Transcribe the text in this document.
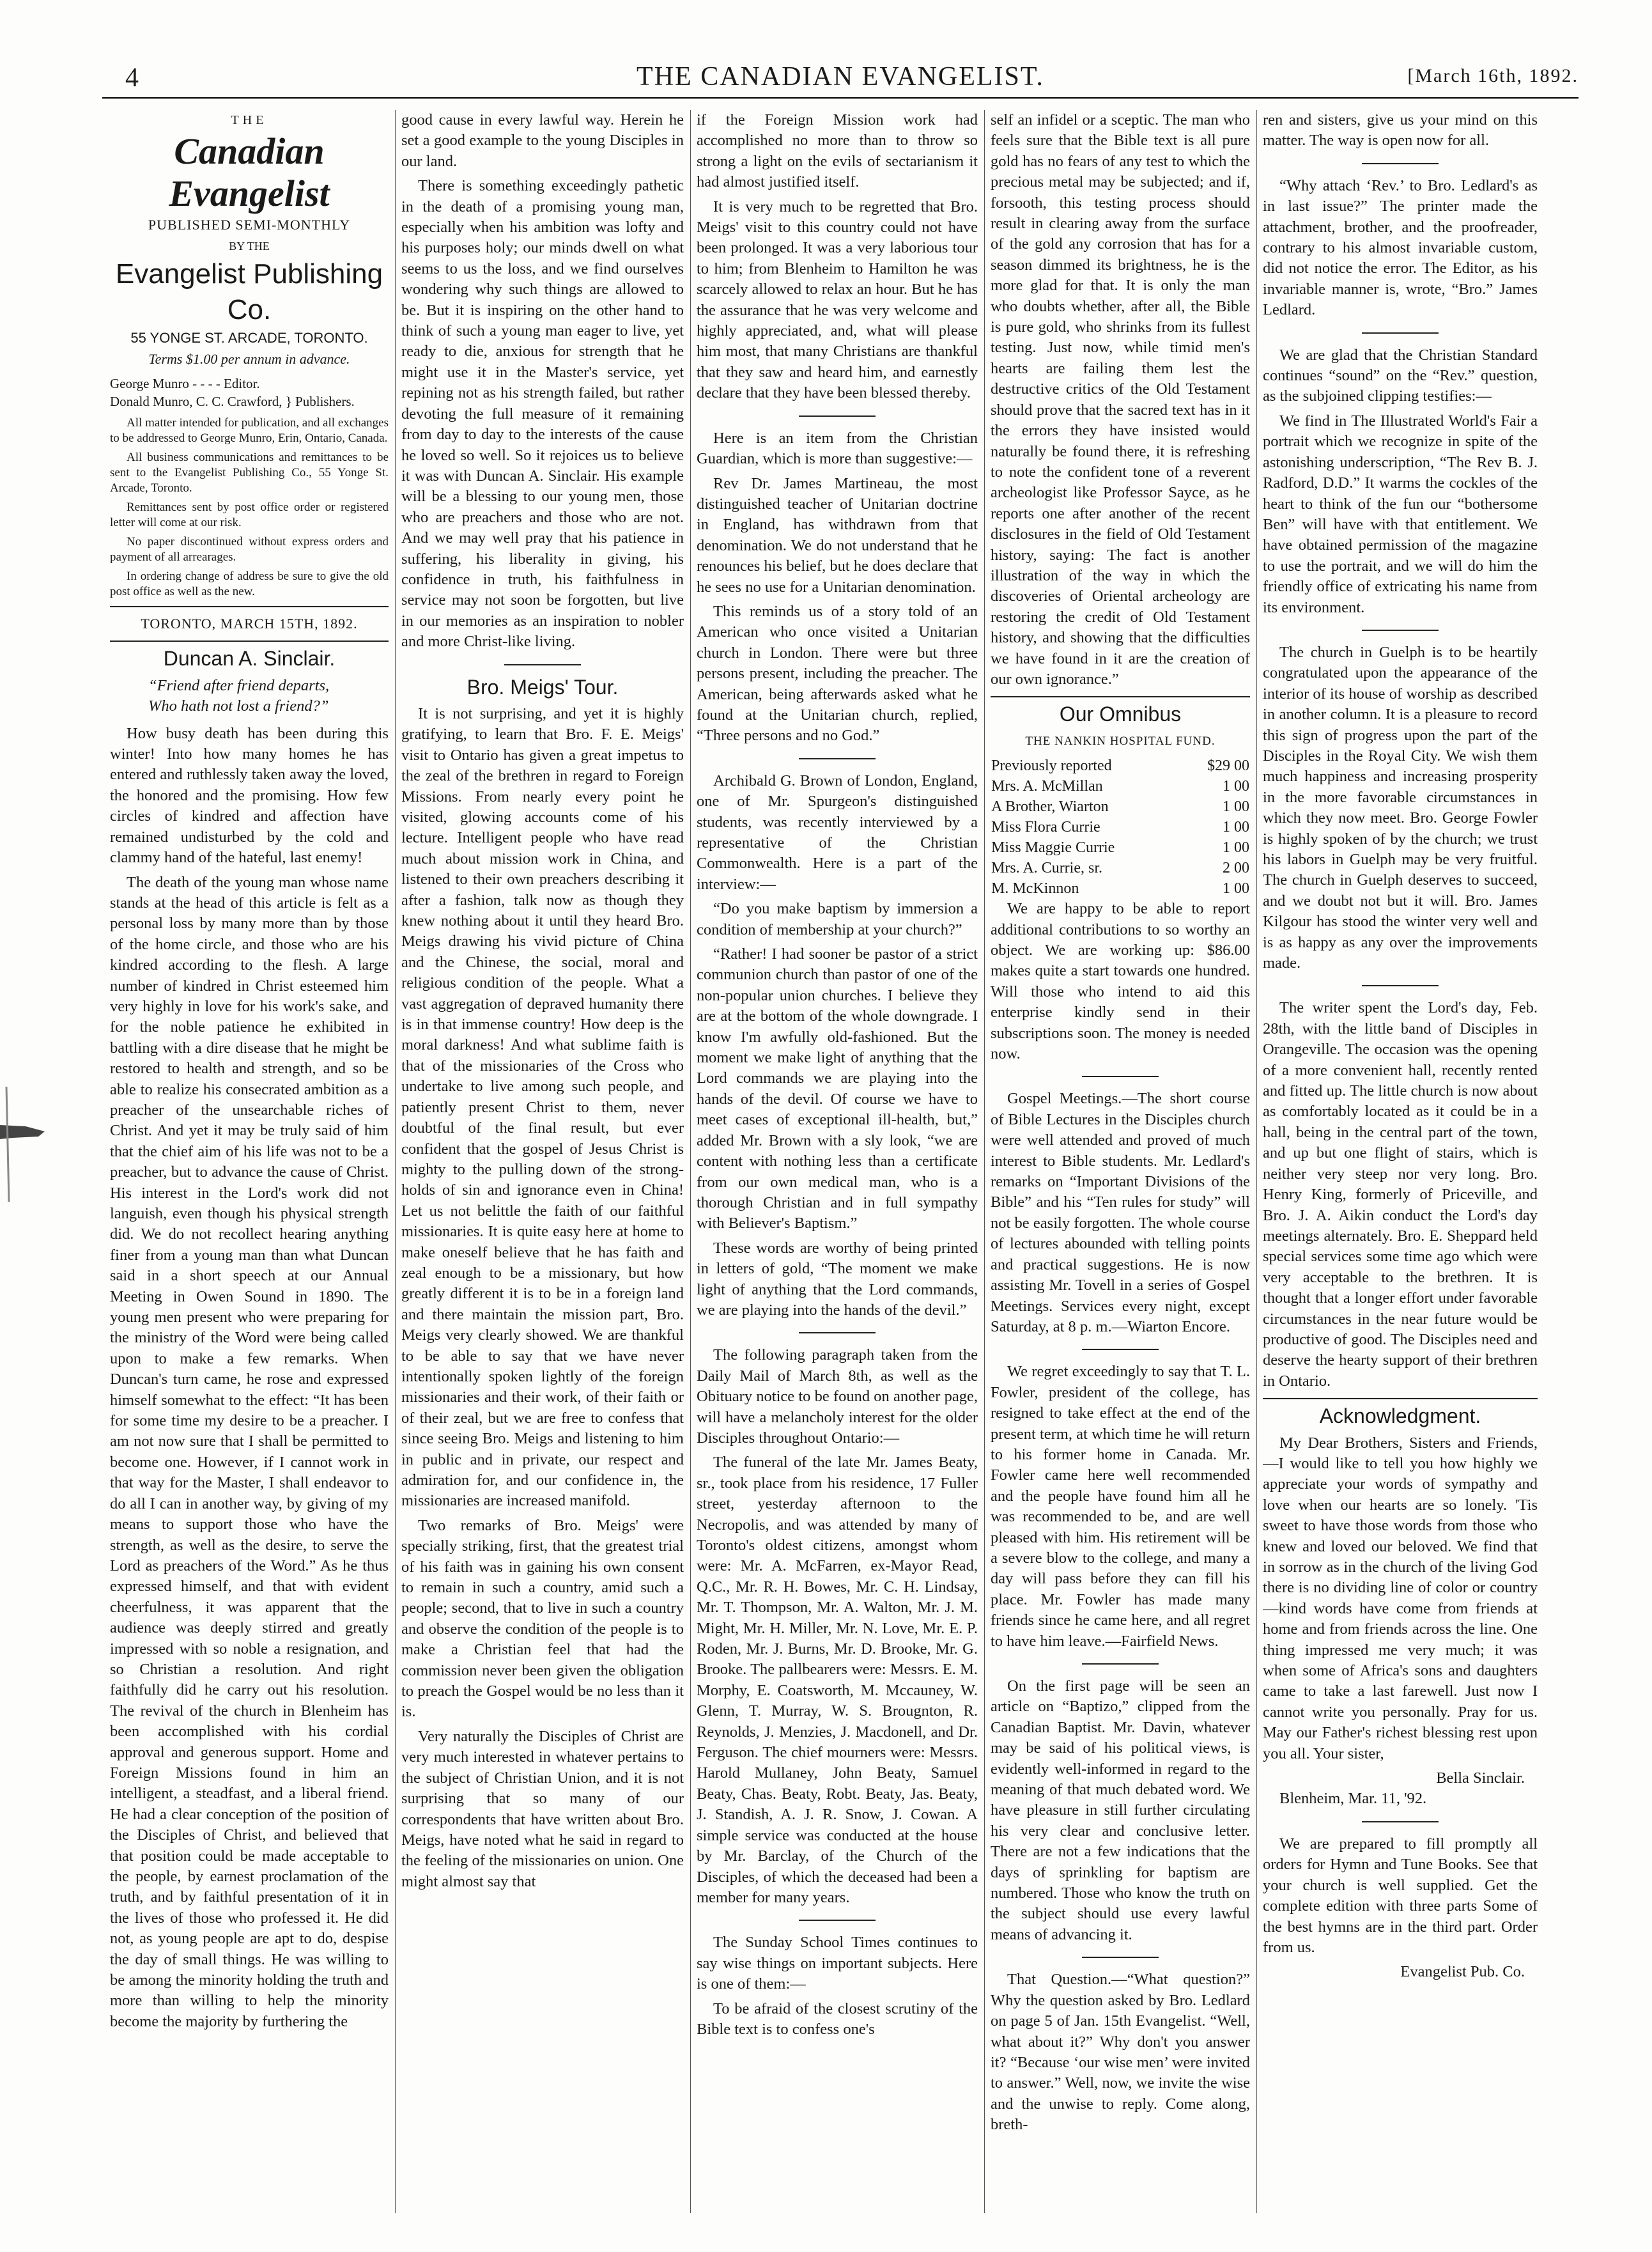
4	THE CANADIAN EVANGELIST.	[March 16th, 1892.
THE
Canadian Evangelist
PUBLISHED SEMI-MONTHLY
BY THE
Evangelist Publishing Co.
55 YONGE ST. ARCADE, TORONTO.
Terms $1.00 per annum in advance.
George Munro - - - - Editor.
Donald Munro, C. C. Crawford, } Publishers.

All matter intended for publication, and all exchanges to be addressed to George Munro, Erin, Ontario, Canada.

All business communications and remittances to be sent to the Evangelist Publishing Co., 55 Yonge St. Arcade, Toronto.

Remittances sent by post office order or registered letter will come at our risk.

No paper discontinued without express orders and payment of all arrearages.

In ordering change of address be sure to give the old post office as well as the new.

TORONTO, MARCH 15TH, 1892.
Duncan A. Sinclair.
“Friend after friend departs,
Who hath not lost a friend?”

How busy death has been during this winter! Into how many homes he has entered and ruthlessly taken away the loved, the honored and the promising. How few circles of kindred and affection have remained undisturbed by the cold and clammy hand of the hateful, last enemy!

The death of the young man whose name stands at the head of this article is felt as a personal loss by many more than by those of the home circle, and those who are his kindred according to the flesh. A large number of kindred in Christ esteemed him very highly in love for his work's sake, and for the noble patience he exhibited in battling with a dire disease that he might be restored to health and strength, and so be able to realize his consecrated ambition as a preacher of the unsearchable riches of Christ. And yet it may be truly said of him that the chief aim of his life was not to be a preacher, but to advance the cause of Christ. His interest in the Lord's work did not languish, even though his physical strength did. We do not recollect hearing anything finer from a young man than what Duncan said in a short speech at our Annual Meeting in Owen Sound in 1890. The young men present who were preparing for the ministry of the Word were being called upon to make a few remarks. When Duncan's turn came, he rose and expressed himself somewhat to the effect: “It has been for some time my desire to be a preacher. I am not now sure that I shall be permitted to become one. However, if I cannot work in that way for the Master, I shall endeavor to do all I can in another way, by giving of my means to support those who have the strength, as well as the desire, to serve the Lord as preachers of the Word.” As he thus expressed himself, and that with evident cheerfulness, it was apparent that the audience was deeply stirred and greatly impressed with so noble a resignation, and so Christian a resolution. And right faithfully did he carry out his resolution. The revival of the church in Blenheim has been accomplished with his cordial approval and generous support. Home and Foreign Missions found in him an intelligent, a steadfast, and a liberal friend. He had a clear conception of the position of the Disciples of Christ, and believed that that position could be made acceptable to the people, by earnest proclamation of the truth, and by faithful presentation of it in the lives of those who professed it. He did not, as young people are apt to do, despise the day of small things. He was willing to be among the minority holding the truth and more than willing to help the minority become the majority by furthering the

good cause in every lawful way. Herein he set a good example to the young Disciples in our land.

There is something exceedingly pathetic in the death of a promising young man, especially when his ambition was lofty and his purposes holy; our minds dwell on what seems to us the loss, and we find ourselves wondering why such things are allowed to be. But it is inspiring on the other hand to think of such a young man eager to live, yet ready to die, anxious for strength that he might use it in the Master's service, yet repining not as his strength failed, but rather devoting the full measure of it remaining from day to day to the interests of the cause he loved so well. So it rejoices us to believe it was with Duncan A. Sinclair. His example will be a blessing to our young men, those who are preachers and those who are not. And we may well pray that his patience in suffering, his liberality in giving, his confidence in truth, his faithfulness in service may not soon be forgotten, but live in our memories as an inspiration to nobler and more Christ-like living.

Bro. Meigs' Tour.

It is not surprising, and yet it is highly gratifying, to learn that Bro. F. E. Meigs' visit to Ontario has given a great impetus to the zeal of the brethren in regard to Foreign Missions. From nearly every point he visited, glowing accounts come of his lecture. Intelligent people who have read much about mission work in China, and listened to their own preachers describing it after a fashion, talk now as though they knew nothing about it until they heard Bro. Meigs drawing his vivid picture of China and the Chinese, the social, moral and religious condition of the people. What a vast aggregation of depraved humanity there is in that immense country! How deep is the moral darkness! And what sublime faith is that of the missionaries of the Cross who undertake to live among such people, and patiently present Christ to them, never doubtful of the final result, but ever confident that the gospel of Jesus Christ is mighty to the pulling down of the strong-holds of sin and ignorance even in China! Let us not belittle the faith of our faithful missionaries. It is quite easy here at home to make oneself believe that he has faith and zeal enough to be a missionary, but how greatly different it is to be in a foreign land and there maintain the mission part, Bro. Meigs very clearly showed. We are thankful to be able to say that we have never intentionally spoken lightly of the foreign missionaries and their work, of their faith or of their zeal, but we are free to confess that since seeing Bro. Meigs and listening to him in public and in private, our respect and admiration for, and our confidence in, the missionaries are increased manifold.

Two remarks of Bro. Meigs' were specially striking, first, that the greatest trial of his faith was in gaining his own consent to remain in such a country, amid such a people; second, that to live in such a country and observe the condition of the people is to make a Christian feel that had the commission never been given the obligation to preach the Gospel would be no less than it is.

Very naturally the Disciples of Christ are very much interested in whatever pertains to the subject of Christian Union, and it is not surprising that so many of our correspondents that have written about Bro. Meigs, have noted what he said in regard to the feeling of the missionaries on union. One might almost say that

if the Foreign Mission work had accomplished no more than to throw so strong a light on the evils of sectarianism it had almost justified itself.

It is very much to be regretted that Bro. Meigs' visit to this country could not have been prolonged. It was a very laborious tour to him; from Blenheim to Hamilton he was scarcely allowed to relax an hour. But he has the assurance that he was very welcome and highly appreciated, and, what will please him most, that many Christians are thankful that they saw and heard him, and earnestly declare that they have been blessed thereby.

Here is an item from the Christian Guardian, which is more than suggestive:—

Rev Dr. James Martineau, the most distinguished teacher of Unitarian doctrine in England, has withdrawn from that denomination. We do not understand that he renounces his belief, but he does declare that he sees no use for a Unitarian denomination.

This reminds us of a story told of an American who once visited a Unitarian church in London. There were but three persons present, including the preacher. The American, being afterwards asked what he found at the Unitarian church, replied, “Three persons and no God.”

Archibald G. Brown of London, England, one of Mr. Spurgeon's distinguished students, was recently interviewed by a representative of the Christian Commonwealth. Here is a part of the interview:—

“Do you make baptism by immersion a condition of membership at your church?”

“Rather! I had sooner be pastor of a strict communion church than pastor of one of the non-popular union churches. I believe they are at the bottom of the whole downgrade. I know I'm awfully old-fashioned. But the moment we make light of anything that the Lord commands we are playing into the hands of the devil. Of course we have to meet cases of exceptional ill-health, but,” added Mr. Brown with a sly look, “we are content with nothing less than a certificate from our own medical man, who is a thorough Christian and in full sympathy with Believer's Baptism.”

These words are worthy of being printed in letters of gold, “The moment we make light of anything that the Lord commands, we are playing into the hands of the devil.”

The following paragraph taken from the Daily Mail of March 8th, as well as the Obituary notice to be found on another page, will have a melancholy interest for the older Disciples throughout Ontario:—

The funeral of the late Mr. James Beaty, sr., took place from his residence, 17 Fuller street, yesterday afternoon to the Necropolis, and was attended by many of Toronto's oldest citizens, amongst whom were: Mr. A. McFarren, ex-Mayor Read, Q.C., Mr. R. H. Bowes, Mr. C. H. Lindsay, Mr. T. Thompson, Mr. A. Walton, Mr. J. M. Might, Mr. H. Miller, Mr. N. Love, Mr. E. P. Roden, Mr. J. Burns, Mr. D. Brooke, Mr. G. Brooke. The pallbearers were: Messrs. E. M. Morphy, E. Coatsworth, M. Mccauney, W. Glenn, T. Murray, W. S. Brougnton, R. Reynolds, J. Menzies, J. Macdonell, and Dr. Ferguson. The chief mourners were: Messrs. Harold Mullaney, John Beaty, Samuel Beaty, Chas. Beaty, Robt. Beaty, Jas. Beaty, J. Standish, A. J. R. Snow, J. Cowan. A simple service was conducted at the house by Mr. Barclay, of the Church of the Disciples, of which the deceased had been a member for many years.

The Sunday School Times continues to say wise things on important subjects. Here is one of them:—

To be afraid of the closest scrutiny of the Bible text is to confess one's

self an infidel or a sceptic. The man who feels sure that the Bible text is all pure gold has no fears of any test to which the precious metal may be subjected; and if, forsooth, this testing process should result in clearing away from the surface of the gold any corrosion that has for a season dimmed its brightness, he is the more glad for that. It is only the man who doubts whether, after all, the Bible is pure gold, who shrinks from its fullest testing. Just now, while timid men's hearts are failing them lest the destructive critics of the Old Testament should prove that the sacred text has in it the errors they have insisted would naturally be found there, it is refreshing to note the confident tone of a reverent archeologist like Professor Sayce, as he reports one after another of the recent disclosures in the field of Old Testament history, saying: The fact is another illustration of the way in which the discoveries of Oriental archeology are restoring the credit of Old Testament history, and showing that the difficulties we have found in it are the creation of our own ignorance.”

Our Omnibus
THE NANKIN HOSPITAL FUND.
Previously reported	$29 00
Mrs. A. McMillan	1 00
A Brother, Wiarton	1 00
Miss Flora Currie	1 00
Miss Maggie Currie	1 00
Mrs. A. Currie, sr.	2 00
M. McKinnon	1 00

We are happy to be able to report additional contributions to so worthy an object. We are working up: $86.00 makes quite a start towards one hundred. Will those who intend to aid this enterprise kindly send in their subscriptions soon. The money is needed now.

Gospel Meetings.—The short course of Bible Lectures in the Disciples church were well attended and proved of much interest to Bible students. Mr. Ledlard's remarks on “Important Divisions of the Bible” and his “Ten rules for study” will not be easily forgotten. The whole course of lectures abounded with telling points and practical suggestions. He is now assisting Mr. Tovell in a series of Gospel Meetings. Services every night, except Saturday, at 8 p. m.—Wiarton Encore.

We regret exceedingly to say that T. L. Fowler, president of the college, has resigned to take effect at the end of the present term, at which time he will return to his former home in Canada. Mr. Fowler came here well recommended and the people have found him all he was recommended to be, and are well pleased with him. His retirement will be a severe blow to the college, and many a day will pass before they can fill his place. Mr. Fowler has made many friends since he came here, and all regret to have him leave.—Fairfield News.

On the first page will be seen an article on “Baptizo,” clipped from the Canadian Baptist. Mr. Davin, whatever may be said of his political views, is evidently well-informed in regard to the meaning of that much debated word. We have pleasure in still further circulating his very clear and conclusive letter. There are not a few indications that the days of sprinkling for baptism are numbered. Those who know the truth on the subject should use every lawful means of advancing it.

That Question.—“What question?” Why the question asked by Bro. Ledlard on page 5 of Jan. 15th Evangelist. “Well, what about it?” Why don't you answer it? “Because ‘our wise men’ were invited to answer.” Well, now, we invite the wise and the unwise to reply. Come along, breth-

ren and sisters, give us your mind on this matter. The way is open now for all.

“Why attach ‘Rev.’ to Bro. Ledlard's as in last issue?” The printer made the attachment, brother, and the proofreader, contrary to his almost invariable custom, did not notice the error. The Editor, as his invariable manner is, wrote, “Bro.” James Ledlard.

We are glad that the Christian Standard continues “sound” on the “Rev.” question, as the subjoined clipping testifies:—

We find in The Illustrated World's Fair a portrait which we recognize in spite of the astonishing underscription, “The Rev B. J. Radford, D.D.” It warms the cockles of the heart to think of the fun our “bothersome Ben” will have with that entitlement. We have obtained permission of the magazine to use the portrait, and we will do him the friendly office of extricating his name from its environment.

The church in Guelph is to be heartily congratulated upon the appearance of the interior of its house of worship as described in another column. It is a pleasure to record this sign of progress upon the part of the Disciples in the Royal City. We wish them much happiness and increasing prosperity in the more favorable circumstances in which they now meet. Bro. George Fowler is highly spoken of by the church; we trust his labors in Guelph may be very fruitful. The church in Guelph deserves to succeed, and we doubt not but it will. Bro. James Kilgour has stood the winter very well and is as happy as any over the improvements made.

The writer spent the Lord's day, Feb. 28th, with the little band of Disciples in Orangeville. The occasion was the opening of a more convenient hall, recently rented and fitted up. The little church is now about as comfortably located as it could be in a hall, being in the central part of the town, and up but one flight of stairs, which is neither very steep nor very long. Bro. Henry King, formerly of Priceville, and Bro. J. A. Aikin conduct the Lord's day meetings alternately. Bro. E. Sheppard held special services some time ago which were very acceptable to the brethren. It is thought that a longer effort under favorable circumstances in the near future would be productive of good. The Disciples need and deserve the hearty support of their brethren in Ontario.

Acknowledgment.

My Dear Brothers, Sisters and Friends,—I would like to tell you how highly we appreciate your words of sympathy and love when our hearts are so lonely. 'Tis sweet to have those words from those who knew and loved our beloved. We find that in sorrow as in the church of the living God there is no dividing line of color or country—kind words have come from friends at home and from friends across the line. One thing impressed me very much; it was when some of Africa's sons and daughters came to take a last farewell. Just now I cannot write you personally. Pray for us. May our Father's richest blessing rest upon you all. Your sister,

Bella Sinclair.
Blenheim, Mar. 11, '92.

We are prepared to fill promptly all orders for Hymn and Tune Books. See that your church is well supplied. Get the complete edition with three parts Some of the best hymns are in the third part. Order from us.

Evangelist Pub. Co.
